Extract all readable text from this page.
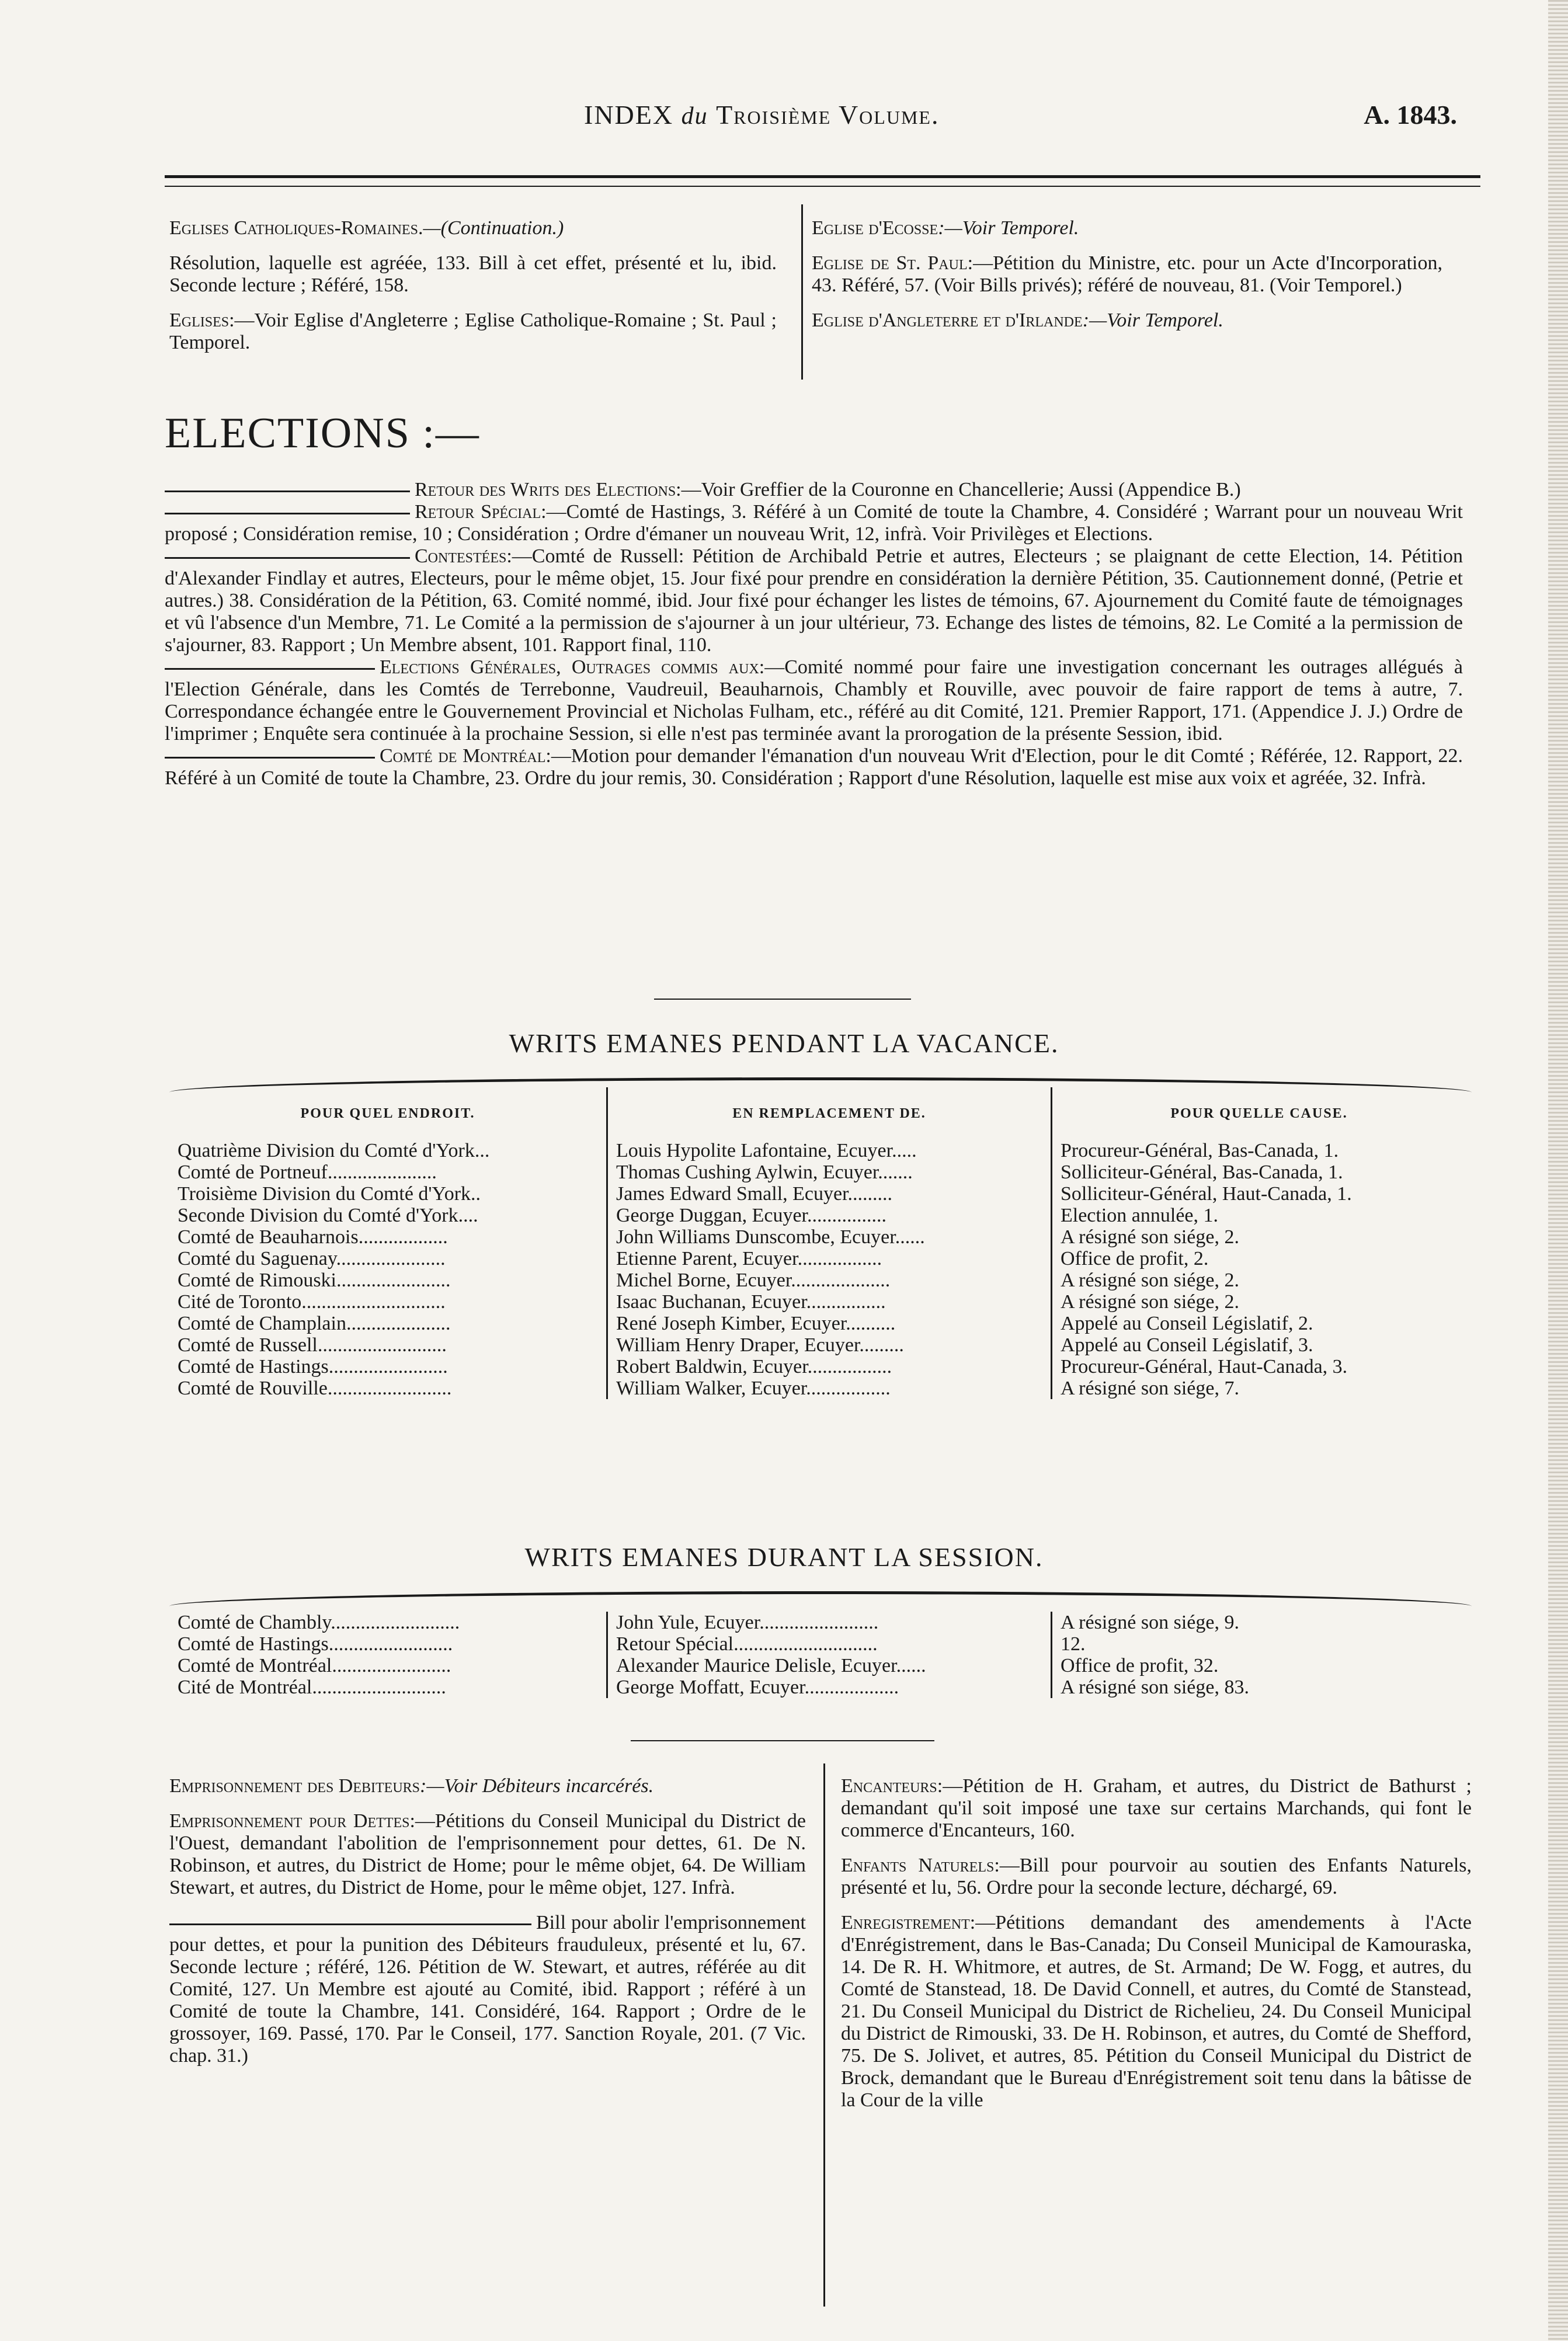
INDEX du Troisième Volume.	A. 1843.

Eglises Catholiques-Romaines.—(Continuation.)

Résolution, laquelle est agréée, 133. Bill à cet effet, présenté et lu, ibid. Seconde lecture ; Référé, 158.

Eglises:—Voir Eglise d'Angleterre ; Eglise Catholique-Romaine ; St. Paul ; Temporel.

Eglise d'Ecosse:—Voir Temporel.

Eglise de St. Paul:—Pétition du Ministre, etc. pour un Acte d'Incorporation, 43. Référé, 57. (Voir Bills privés); référé de nouveau, 81. (Voir Temporel.)

Eglise d'Angleterre et d'Irlande:—Voir Temporel.

ELECTIONS :—

Retour des Writs des Elections:—Voir Greffier de la Couronne en Chancellerie; Aussi (Appendice B.)

Retour Spécial:—Comté de Hastings, 3. Référé à un Comité de toute la Chambre, 4. Considéré ; Warrant pour un nouveau Writ proposé ; Considération remise, 10 ; Considération ; Ordre d'émaner un nouveau Writ, 12, infrà. Voir Privilèges et Elections.

Contestées:—Comté de Russell: Pétition de Archibald Petrie et autres, Electeurs ; se plaignant de cette Election, 14. Pétition d'Alexander Findlay et autres, Electeurs, pour le même objet, 15. Jour fixé pour prendre en considération la dernière Pétition, 35. Cautionnement donné, (Petrie et autres.) 38. Considération de la Pétition, 63. Comité nommé, ibid. Jour fixé pour échanger les listes de témoins, 67. Ajournement du Comité faute de témoignages et vû l'absence d'un Membre, 71. Le Comité a la permission de s'ajourner à un jour ultérieur, 73. Echange des listes de témoins, 82. Le Comité a la permission de s'ajourner, 83. Rapport ; Un Membre absent, 101. Rapport final, 110.

Elections Générales, Outrages commis aux:—Comité nommé pour faire une investigation concernant les outrages allégués à l'Election Générale, dans les Comtés de Terrebonne, Vaudreuil, Beauharnois, Chambly et Rouville, avec pouvoir de faire rapport de tems à autre, 7. Correspondance échangée entre le Gouvernement Provincial et Nicholas Fulham, etc., référé au dit Comité, 121. Premier Rapport, 171. (Appendice J. J.) Ordre de l'imprimer ; Enquête sera continuée à la prochaine Session, si elle n'est pas terminée avant la prorogation de la présente Session, ibid.

Comté de Montréal:—Motion pour demander l'émanation d'un nouveau Writ d'Election, pour le dit Comté ; Référée, 12. Rapport, 22. Référé à un Comité de toute la Chambre, 23. Ordre du jour remis, 30. Considération ; Rapport d'une Résolution, laquelle est mise aux voix et agréée, 32. Infrà.

WRITS EMANES PENDANT LA VACANCE.
POUR QUEL ENDROIT.	EN REMPLACEMENT DE.	POUR QUELLE CAUSE.
Quatrième Division du Comté d'York...	Louis Hypolite Lafontaine, Ecuyer.....	Procureur-Général, Bas-Canada, 1.
Comté de Portneuf......................	Thomas Cushing Aylwin, Ecuyer.......	Solliciteur-Général, Bas-Canada, 1.
Troisième Division du Comté d'York..	James Edward Small, Ecuyer.........	Solliciteur-Général, Haut-Canada, 1.
Seconde Division du Comté d'York....	George Duggan, Ecuyer................	Election annulée, 1.
Comté de Beauharnois..................	John Williams Dunscombe, Ecuyer......	A résigné son siége, 2.
Comté du Saguenay......................	Etienne Parent, Ecuyer.................	Office de profit, 2.
Comté de Rimouski.......................	Michel Borne, Ecuyer....................	A résigné son siége, 2.
Cité de Toronto.............................	Isaac Buchanan, Ecuyer................	A résigné son siége, 2.
Comté de Champlain.....................	René Joseph Kimber, Ecuyer..........	Appelé au Conseil Législatif, 2.
Comté de Russell..........................	William Henry Draper, Ecuyer.........	Appelé au Conseil Législatif, 3.
Comté de Hastings........................	Robert Baldwin, Ecuyer.................	Procureur-Général, Haut-Canada, 3.
Comté de Rouville.........................	William Walker, Ecuyer.................	A résigné son siége, 7.
WRITS EMANES DURANT LA SESSION.
Comté de Chambly..........................	John Yule, Ecuyer........................	A résigné son siége, 9.
Comté de Hastings.........................	Retour Spécial.............................	12.
Comté de Montréal........................	Alexander Maurice Delisle, Ecuyer......	Office de profit, 32.
Cité de Montréal...........................	George Moffatt, Ecuyer...................	A résigné son siége, 83.

Emprisonnement des Debiteurs:—Voir Débiteurs incarcérés.

Emprisonnement pour Dettes:—Pétitions du Conseil Municipal du District de l'Ouest, demandant l'abolition de l'emprisonnement pour dettes, 61. De N. Robinson, et autres, du District de Home; pour le même objet, 64. De William Stewart, et autres, du District de Home, pour le même objet, 127. Infrà.

Bill pour abolir l'emprisonnement pour dettes, et pour la punition des Débiteurs frauduleux, présenté et lu, 67. Seconde lecture ; référé, 126. Pétition de W. Stewart, et autres, référée au dit Comité, 127. Un Membre est ajouté au Comité, ibid. Rapport ; référé à un Comité de toute la Chambre, 141. Considéré, 164. Rapport ; Ordre de le grossoyer, 169. Passé, 170. Par le Conseil, 177. Sanction Royale, 201. (7 Vic. chap. 31.)

Encanteurs:—Pétition de H. Graham, et autres, du District de Bathurst ; demandant qu'il soit imposé une taxe sur certains Marchands, qui font le commerce d'Encanteurs, 160.

Enfants Naturels:—Bill pour pourvoir au soutien des Enfants Naturels, présenté et lu, 56. Ordre pour la seconde lecture, déchargé, 69.

Enregistrement:—Pétitions demandant des amendements à l'Acte d'Enrégistrement, dans le Bas-Canada; Du Conseil Municipal de Kamouraska, 14. De R. H. Whitmore, et autres, de St. Armand; De W. Fogg, et autres, du Comté de Stanstead, 18. De David Connell, et autres, du Comté de Stanstead, 21. Du Conseil Municipal du District de Richelieu, 24. Du Conseil Municipal du District de Rimouski, 33. De H. Robinson, et autres, du Comté de Shefford, 75. De S. Jolivet, et autres, 85. Pétition du Conseil Municipal du District de Brock, demandant que le Bureau d'Enrégistrement soit tenu dans la bâtisse de la Cour de la ville
